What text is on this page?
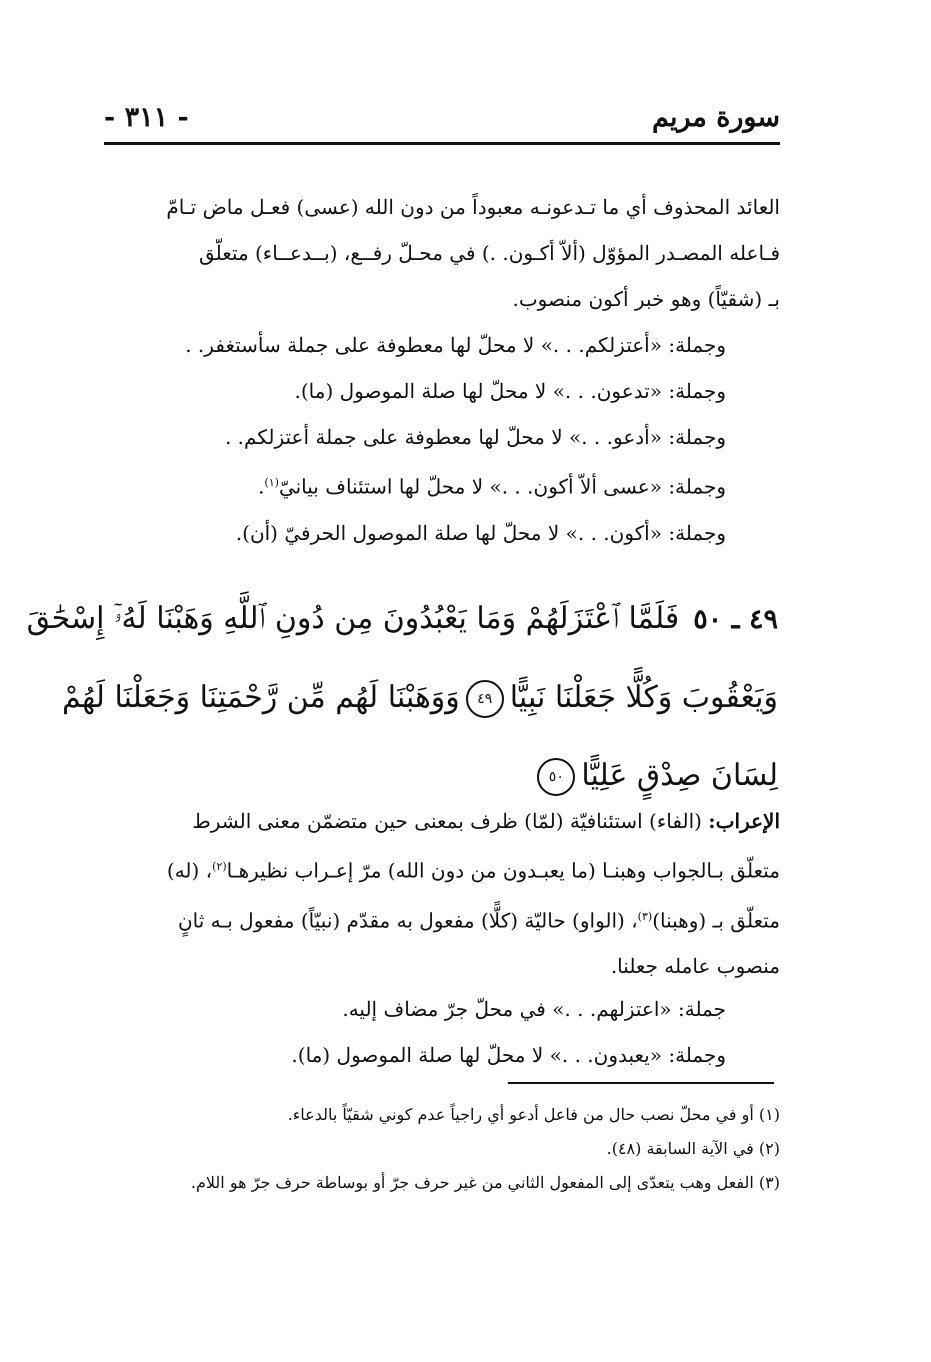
سورة مريم
- ٣١١ -
العائد المحذوف أي ما تـدعونـه معبوداً من دون الله (عسى) فعـل ماض تـامّ
فـاعله المصـدر المؤوّل (ألاّ أكـون. .) في محـلّ رفــع، (بــدعــاء) متعلّق
بـ (شقيّاً) وهو خبر أكون منصوب.
وجملة: «أعتزلكم. . .» لا محلّ لها معطوفة على جملة سأستغفر. .
وجملة: «تدعون. . .» لا محلّ لها صلة الموصول (ما).
وجملة: «أدعو. . .» لا محلّ لها معطوفة على جملة أعتزلكم. .
وجملة: «عسى ألاّ أكون. . .» لا محلّ لها استئناف بيانيّ$^{(١)}$.
وجملة: «أكون. . .» لا محلّ لها صلة الموصول الحرفيّ (أن).
٤٩ ـ ٥٠فَلَمَّا ٱعْتَزَلَهُمْ وَمَا يَعْبُدُونَ مِن دُونِ ٱللَّهِ وَهَبْنَا لَهُۥٓ إِسْحَٰقَ
وَيَعْقُوبَ وَكُلًّا جَعَلْنَا نَبِيًّا٤٩وَوَهَبْنَا لَهُم مِّن رَّحْمَتِنَا وَجَعَلْنَا لَهُمْ
لِسَانَ صِدْقٍ عَلِيًّا٥٠
الإعراب: (الفاء) استئنافيّة (لمّا) ظرف بمعنى حين متضمّن معنى الشرط
متعلّق بـالجواب وهبنـا (ما يعبـدون من دون الله) مرّ إعـراب نظيرهـا$^{(٢)}$، (له)
متعلّق بـ (وهبنا)$^{(٣)}$، (الواو) حاليّة (كلًّا) مفعول به مقدّم (نبيّاً) مفعول بـه ثانٍ
منصوب عامله جعلنا.
جملة: «اعتزلهم. . .» في محلّ جرّ مضاف إليه.
وجملة: «يعبدون. . .» لا محلّ لها صلة الموصول (ما).
(١) أو في محلّ نصب حال من فاعل أدعو أي راجياً عدم كوني شقيّاً بالدعاء.
(٢) في الآية السابقة (٤٨).
(٣) الفعل وهب يتعدّى إلى المفعول الثاني من غير حرف جرّ أو بوساطة حرف جرّ هو اللام.
